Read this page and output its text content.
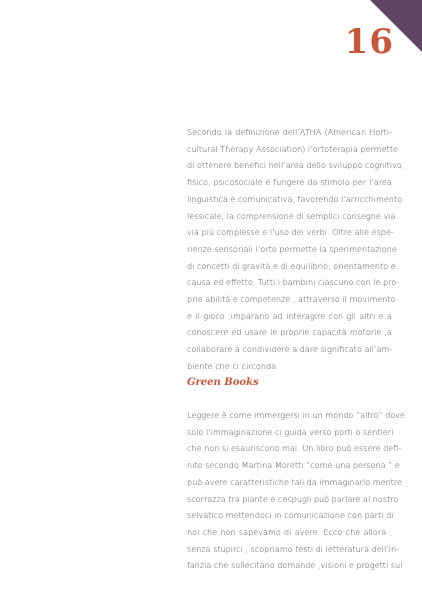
16

Secondo la definizione dell’ATHA (American Horti-
cultural Therapy Association) l’ortoterapia permette
di ottenere benefici nell’area dello sviluppo cognitivo,
fisico, psicosociale e fungere da stimolo per l’area
linguistica e comunicativa, favorendo l’arricchimento
lessicale, la comprensione di semplici consegne via
via più complesse e l’uso dei verbi. Oltre alle espe-
rienze sensoriali l’orto permette la sperimentazione
di concetti di gravità e di equilibrio, orientamento e
causa ed effetto. Tutti i bambini ciascuno con le pro-
prie abilità e competenze , attraverso il movimento
e il gioco ,imparano ad interagire con gli altri e a
conoscere ed usare le proprie capacità motorie ,a
collaborare a condividere a dare significato all’am-
biente che ci circonda.

Green Books

Leggere è come immergersi in un mondo “altro” dove
solo l’immaginazione ci guida verso porti o sentieri
che non si esauriscono mai. Un libro può essere defi-
nito secondo Martina Moretti “come una persona ” e
può avere caratteristiche tali da immaginarlo mentre
scorrazza tra piante e cespugli può parlare al nostro
selvatico mettendoci in comunicazione con parti di
noi che non sapevamo di avere. Ecco che allora ,
senza stupirci , scopriamo testi di letteratura dell’in-
fanzia che sollecitano domande ,visioni e progetti sul
